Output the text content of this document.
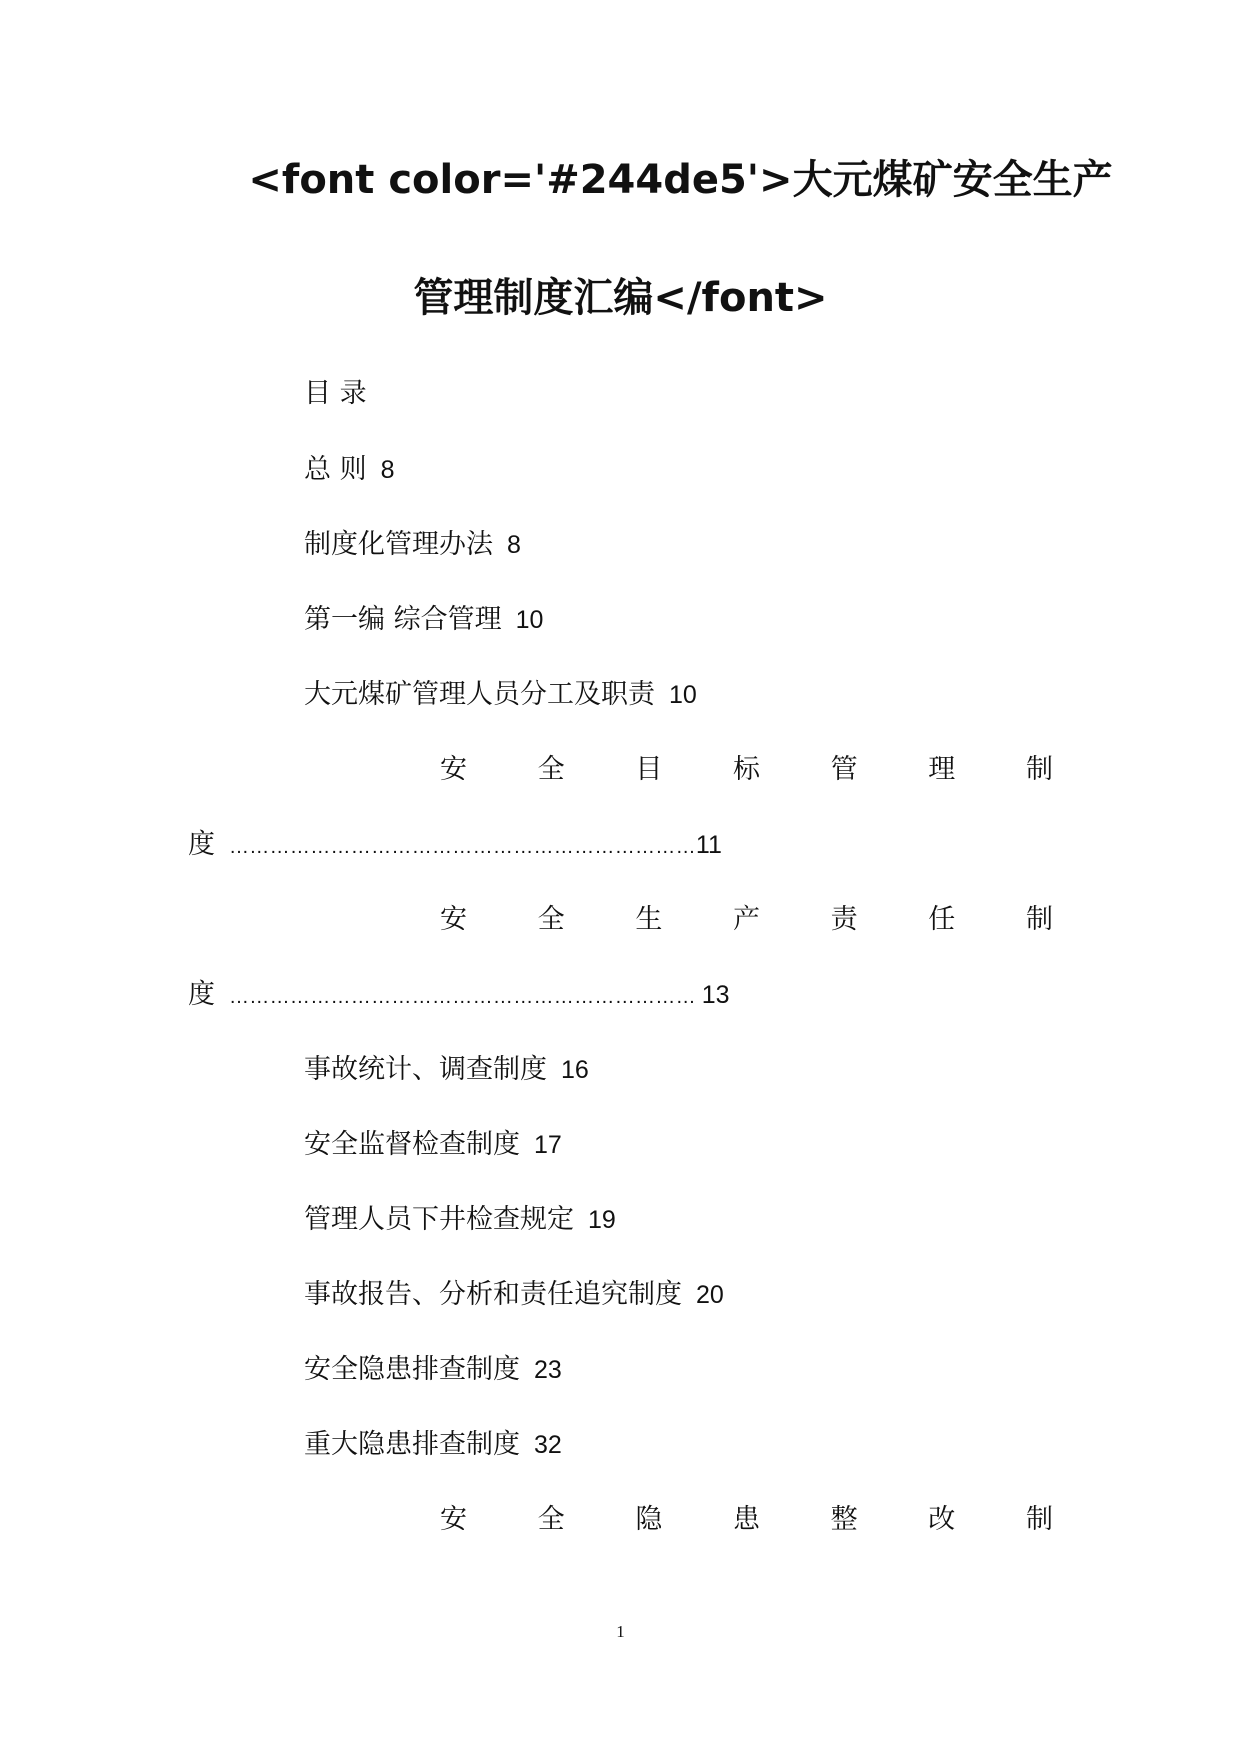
<font color='#244de5'>大元煤矿安全生产
管理制度汇编</font>
目 录
总 则 8
制度化管理办法 8
第一编 综合管理 10
大元煤矿管理人员分工及职责 10
安	全	目	标	管	理	制
度 ……………………………………………………………11
安	全	生	产	责	任	制
度 …………………………………………………………… 13
事故统计、调查制度 16
安全监督检查制度 17
管理人员下井检查规定 19
事故报告、分析和责任追究制度 20
安全隐患排查制度 23
重大隐患排查制度 32
安	全	隐	患	整	改	制
1
